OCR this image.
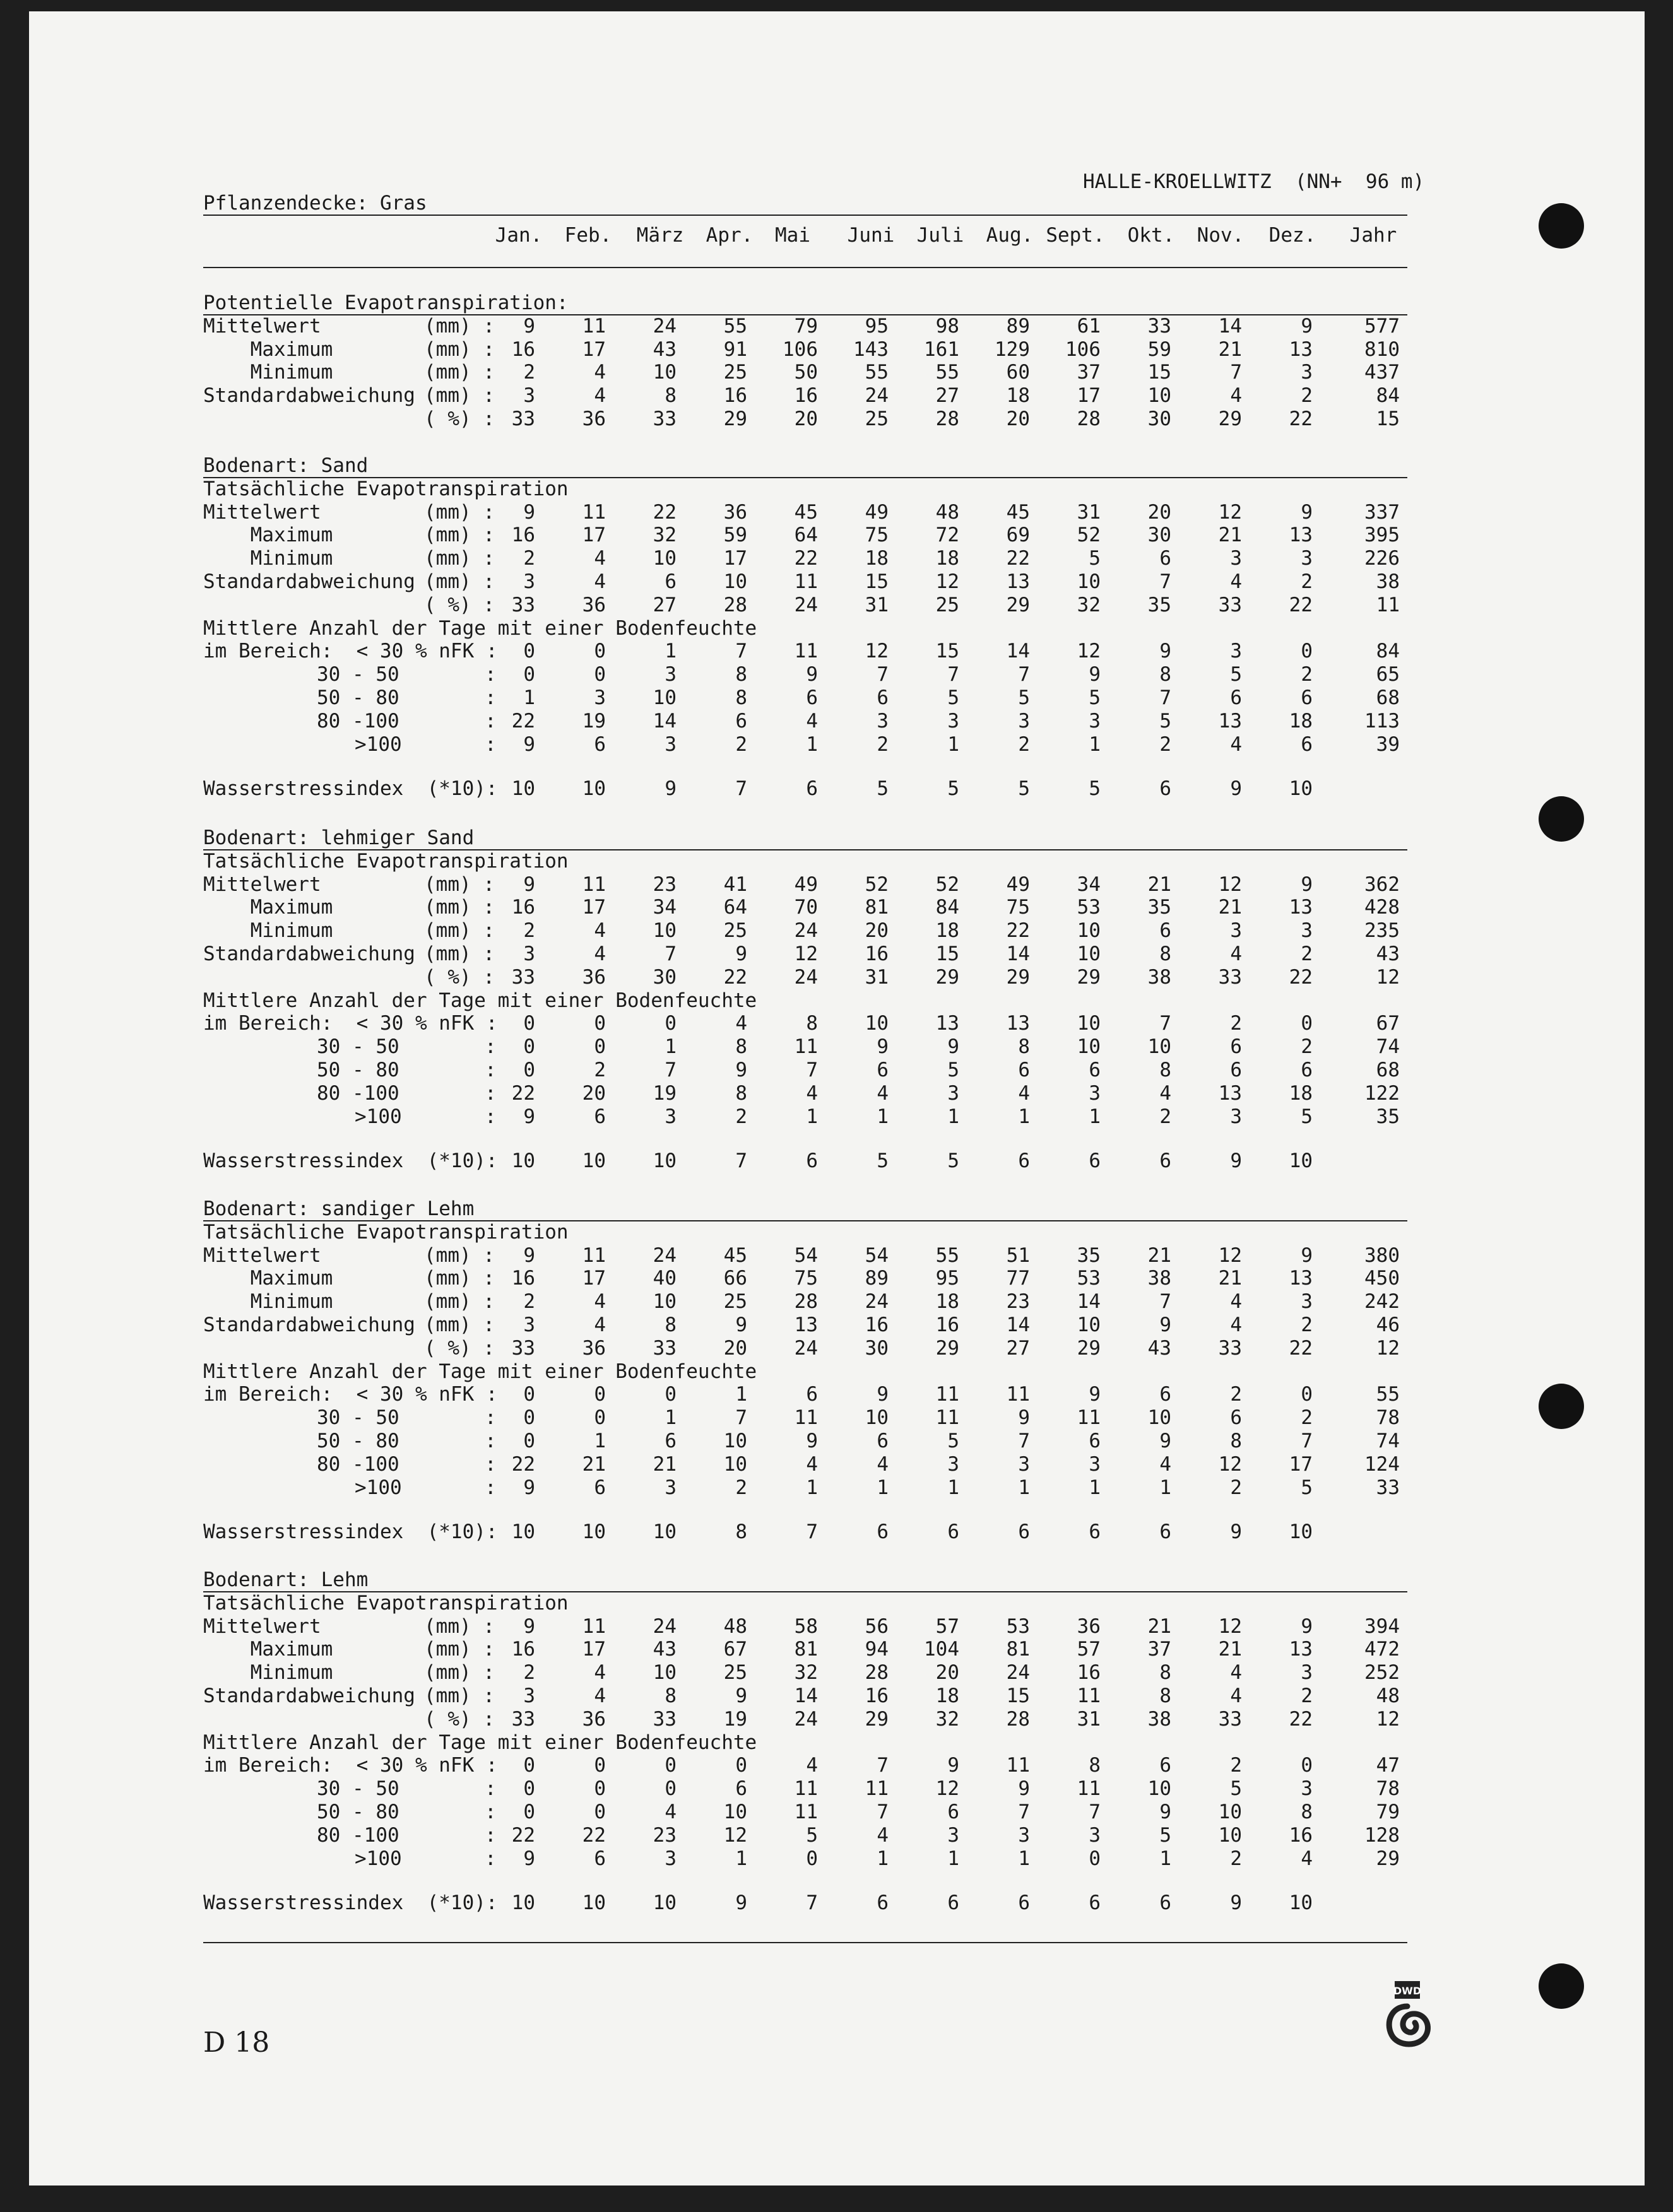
HALLE-KROELLWITZ  (NN+  96 m)
Pflanzendecke: Gras
Jan.	Feb.	März	Apr.	Mai	Juni	Juli	Aug. Sept.	Okt.	Nov.	Dez.	Jahr
Potentielle Evapotranspiration:
Mittelwert	(mm) :	9	11	24	55	79	95	98	89	61	33	14	9	577
Maximum	(mm) : 16	17	43	91	106	143	161	129	106	59	21	13	810
Minimum	(mm) :	2	4	10	25	50	55	55	60	37	15	7	3	437
Standardabweichung (mm) :	3	4	8	16	16	24	27	18	17	10	4	2	84
( %) : 33	36	33	29	20	25	28	20	28	30	29	22	15
Bodenart: Sand
Tatsächliche Evapotranspiration
Mittelwert	(mm) :	9	11	22	36	45	49	48	45	31	20	12	9	337
Maximum	(mm) : 16	17	32	59	64	75	72	69	52	30	21	13	395
Minimum	(mm) :	2	4	10	17	22	18	18	22	5	6	3	3	226
Standardabweichung (mm) :	3	4	6	10	11	15	12	13	10	7	4	2	38
( %) : 33	36	27	28	24	31	25	29	32	35	33	22	11
Mittlere Anzahl der Tage mit einer Bodenfeuchte
im Bereich:  < 30 % nFK :	0	0	1	7	11	12	15	14	12	9	3	0	84
30 - 50	:	0	0	3	8	9	7	7	7	9	8	5	2	65
50 - 80	:	1	3	10	8	6	6	5	5	5	7	6	6	68
80 -100	: 22	19	14	6	4	3	3	3	3	5	13	18	113
>100	:	9	6	3	2	1	2	1	2	1	2	4	6	39
Wasserstressindex  (*10): 10	10	9	7	6	5	5	5	5	6	9	10
Bodenart: lehmiger Sand
Tatsächliche Evapotranspiration
Mittelwert	(mm) :	9	11	23	41	49	52	52	49	34	21	12	9	362
Maximum	(mm) : 16	17	34	64	70	81	84	75	53	35	21	13	428
Minimum	(mm) :	2	4	10	25	24	20	18	22	10	6	3	3	235
Standardabweichung (mm) :	3	4	7	9	12	16	15	14	10	8	4	2	43
( %) : 33	36	30	22	24	31	29	29	29	38	33	22	12
Mittlere Anzahl der Tage mit einer Bodenfeuchte
im Bereich:  < 30 % nFK :	0	0	0	4	8	10	13	13	10	7	2	0	67
30 - 50	:	0	0	1	8	11	9	9	8	10	10	6	2	74
50 - 80	:	0	2	7	9	7	6	5	6	6	8	6	6	68
80 -100	: 22	20	19	8	4	4	3	4	3	4	13	18	122
>100	:	9	6	3	2	1	1	1	1	1	2	3	5	35
Wasserstressindex  (*10): 10	10	10	7	6	5	5	6	6	6	9	10
Bodenart: sandiger Lehm
Tatsächliche Evapotranspiration
Mittelwert	(mm) :	9	11	24	45	54	54	55	51	35	21	12	9	380
Maximum	(mm) : 16	17	40	66	75	89	95	77	53	38	21	13	450
Minimum	(mm) :	2	4	10	25	28	24	18	23	14	7	4	3	242
Standardabweichung (mm) :	3	4	8	9	13	16	16	14	10	9	4	2	46
( %) : 33	36	33	20	24	30	29	27	29	43	33	22	12
Mittlere Anzahl der Tage mit einer Bodenfeuchte
im Bereich:  < 30 % nFK :	0	0	0	1	6	9	11	11	9	6	2	0	55
30 - 50	:	0	0	1	7	11	10	11	9	11	10	6	2	78
50 - 80	:	0	1	6	10	9	6	5	7	6	9	8	7	74
80 -100	: 22	21	21	10	4	4	3	3	3	4	12	17	124
>100	:	9	6	3	2	1	1	1	1	1	1	2	5	33
Wasserstressindex  (*10): 10	10	10	8	7	6	6	6	6	6	9	10
Bodenart: Lehm
Tatsächliche Evapotranspiration
Mittelwert	(mm) :	9	11	24	48	58	56	57	53	36	21	12	9	394
Maximum	(mm) : 16	17	43	67	81	94	104	81	57	37	21	13	472
Minimum	(mm) :	2	4	10	25	32	28	20	24	16	8	4	3	252
Standardabweichung (mm) :	3	4	8	9	14	16	18	15	11	8	4	2	48
( %) : 33	36	33	19	24	29	32	28	31	38	33	22	12
Mittlere Anzahl der Tage mit einer Bodenfeuchte
im Bereich:  < 30 % nFK :	0	0	0	0	4	7	9	11	8	6	2	0	47
30 - 50	:	0	0	0	6	11	11	12	9	11	10	5	3	78
50 - 80	:	0	0	4	10	11	7	6	7	7	9	10	8	79
80 -100	: 22	22	23	12	5	4	3	3	3	5	10	16	128
>100	:	9	6	3	1	0	1	1	1	0	1	2	4	29
Wasserstressindex  (*10): 10	10	10	9	7	6	6	6	6	6	9	10
D 18
DWD
